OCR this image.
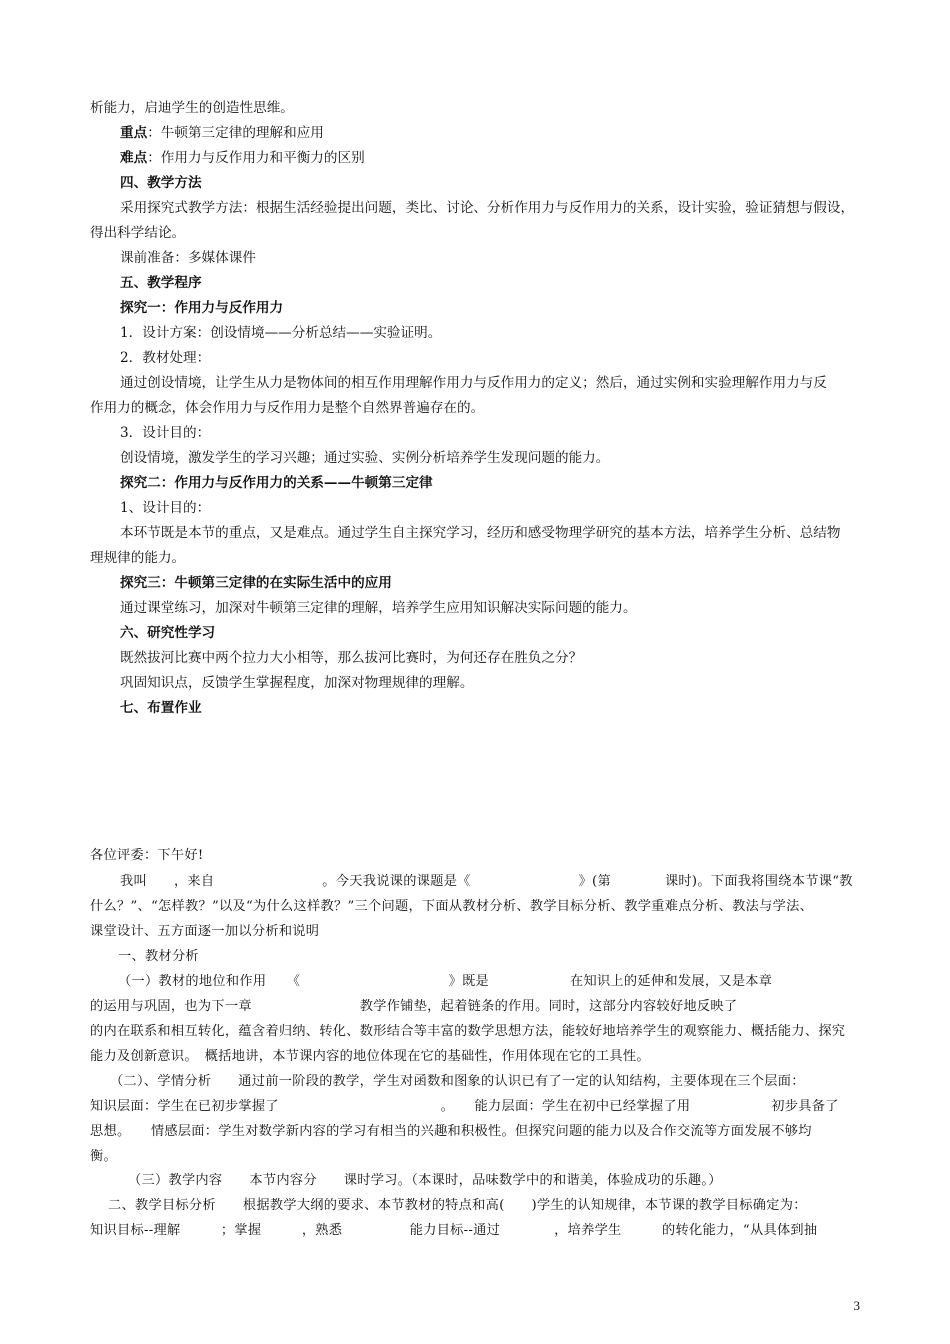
析能力，启迪学生的创造性思维。
重点：牛顿第三定律的理解和应用
难点：作用力与反作用力和平衡力的区别
四、教学方法
采用探究式教学方法：根据生活经验提出问题，类比、讨论、分析作用力与反作用力的关系，设计实验，验证猜想与假设，
得出科学结论。
课前准备：多媒体课件
五、教学程序
探究一：作用力与反作用力
1．设计方案：创设情境——分析总结——实验证明。
2．教材处理：
通过创设情境，让学生从力是物体间的相互作用理解作用力与反作用力的定义；然后，通过实例和实验理解作用力与反
作用力的概念，体会作用力与反作用力是整个自然界普遍存在的。
3．设计目的：
创设情境，激发学生的学习兴趣；通过实验、实例分析培养学生发现问题的能力。
探究二：作用力与反作用力的关系——牛顿第三定律
1、设计目的：
本环节既是本节的重点，又是难点。通过学生自主探究学习，经历和感受物理学研究的基本方法，培养学生分析、总结物
理规律的能力。
探究三：牛顿第三定律的在实际生活中的应用
通过课堂练习，加深对牛顿第三定律的理解，培养学生应用知识解决实际问题的能力。
六、研究性学习
既然拔河比赛中两个拉力大小相等，那么拔河比赛时，为何还存在胜负之分？
巩固知识点，反馈学生掌握程度，加深对物理规律的理解。
七、布置作业
各位评委：下午好!
我叫　　，来自　　　　　　　　。今天我说课的课题是《　　　　　　　　》(第　　　　课时)。下面我将围绕本节课“教
什么？”、“怎样教？”以及“为什么这样教？”三个问题，下面从教材分析、教学目标分析、教学重难点分析、教法与学法、
课堂设计、五方面逐一加以分析和说明
一、教材分析
（一）教材的地位和作用　　《　　　　　　　　　　　》既是　　　　　　在知识上的延伸和发展，又是本章
的运用与巩固，也为下一章　　　　　　　　教学作铺垫，起着链条的作用。同时，这部分内容较好地反映了
的内在联系和相互转化，蕴含着归纳、转化、数形结合等丰富的数学思想方法，能较好地培养学生的观察能力、概括能力、探究
能力及创新意识。　概括地讲，本节课内容的地位体现在它的基础性，作用体现在它的工具性。
（二）、学情分析　　通过前一阶段的教学，学生对函数和图象的认识已有了一定的认知结构，主要体现在三个层面：
知识层面：学生在已初步掌握了　　　　　　　　　　　　。　　能力层面：学生在初中已经掌握了用　　　　　　初步具备了
思想。　　情感层面：学生对数学新内容的学习有相当的兴趣和积极性。但探究问题的能力以及合作交流等方面发展不够均
衡。
（三）教学内容　　本节内容分　　课时学习。（本课时，品味数学中的和谐美，体验成功的乐趣。）
二、教学目标分析　　根据教学大纲的要求、本节教材的特点和高(　　)学生的认知规律，本节课的教学目标确定为：
知识目标--理解　　　；掌握　　　，熟悉　　　　　能力目标--通过　　　　，培养学生　　　的转化能力，“从具体到抽
3
